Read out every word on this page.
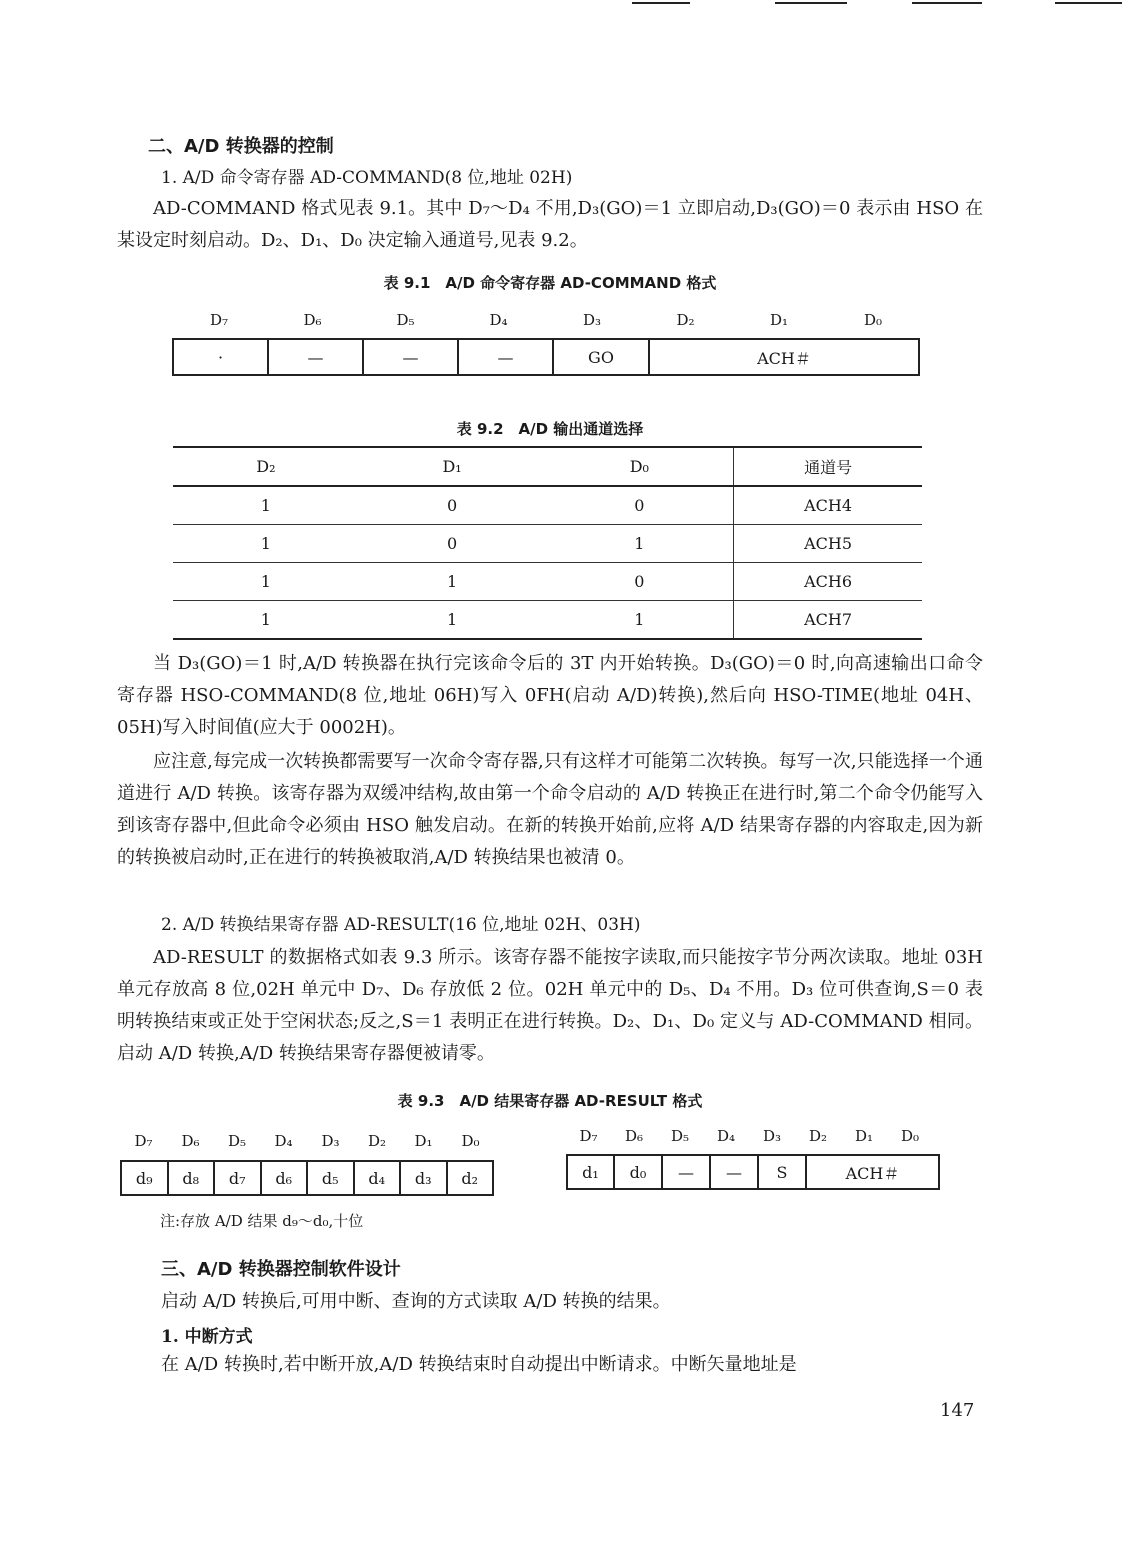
二、A/D 转换器的控制
1. A/D 命令寄存器 AD-COMMAND(8 位,地址 02H)

AD-COMMAND 格式见表 9.1。其中 D₇～D₄ 不用,D₃(GO)＝1 立即启动,D₃(GO)＝0 表示由 HSO 在某设定时刻启动。D₂、D₁、D₀ 决定输入通道号,见表 9.2。

表 9.1　A/D 命令寄存器 AD-COMMAND 格式
D₇	D₆	D₅	D₄	D₃	D₂	D₁	D₀
·	—	—	—	GO	ACH＃
表 9.2　A/D 输出通道选择
D₂	D₁	D₀	通道号
1	0	0	ACH4
1	0	1	ACH5
1	1	0	ACH6
1	1	1	ACH7

当 D₃(GO)＝1 时,A/D 转换器在执行完该命令后的 3T 内开始转换。D₃(GO)＝0 时,向高速输出口命令寄存器 HSO-COMMAND(8 位,地址 06H)写入 0FH(启动 A/D)转换),然后向 HSO-TIME(地址 04H、05H)写入时间值(应大于 0002H)。

应注意,每完成一次转换都需要写一次命令寄存器,只有这样才可能第二次转换。每写一次,只能选择一个通道进行 A/D 转换。该寄存器为双缓冲结构,故由第一个命令启动的 A/D 转换正在进行时,第二个命令仍能写入到该寄存器中,但此命令必须由 HSO 触发启动。在新的转换开始前,应将 A/D 结果寄存器的内容取走,因为新的转换被启动时,正在进行的转换被取消,A/D 转换结果也被清 0。

2. A/D 转换结果寄存器 AD-RESULT(16 位,地址 02H、03H)

AD-RESULT 的数据格式如表 9.3 所示。该寄存器不能按字读取,而只能按字节分两次读取。地址 03H 单元存放高 8 位,02H 单元中 D₇、D₆ 存放低 2 位。02H 单元中的 D₅、D₄ 不用。D₃ 位可供查询,S＝0 表明转换结束或正处于空闲状态;反之,S＝1 表明正在进行转换。D₂、D₁、D₀ 定义与 AD-COMMAND 相同。启动 A/D 转换,A/D 转换结果寄存器便被请零。

表 9.3　A/D 结果寄存器 AD-RESULT 格式
D₇	D₆	D₅	D₄	D₃	D₂	D₁	D₀
d₉	d₈	d₇	d₆	d₅	d₄	d₃	d₂
D₇	D₆	D₅	D₄	D₃	D₂	D₁	D₀
d₁	d₀	—	—	S	ACH＃
注:存放 A/D 结果 d₉～d₀,十位
三、A/D 转换器控制软件设计
启动 A/D 转换后,可用中断、查询的方式读取 A/D 转换的结果。
1. 中断方式
在 A/D 转换时,若中断开放,A/D 转换结束时自动提出中断请求。中断矢量地址是
147
